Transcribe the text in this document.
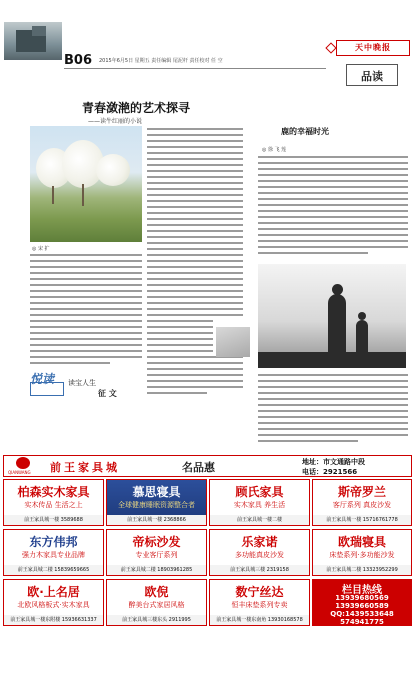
B06 2015年6月5日 星期五 责任编辑 尾泥杆 责任校对 任 空
天中晚报
品读
青春潋滟的艺术探寻
——读牛红丽的小说
◎ 宋 扩
悦读 读宝人生
征 文
鹿的幸福时光
◎ 徐 飞 莲
QIANWANG 前王家具城	名品惠	地址：市文通路中段
电话：2921566
柏森实木家具
实木传品 生活之上
前王家具城一楼 3589688
慕思寝具
全球健康睡眠资源整合者
前王家具城一楼 2368866
顾氏家具
实木家具 养生活
前王家具城一楼二楼
斯帝罗兰
客厅系列 真皮沙发
前王家具城一楼 15716761778
东方伟邦
强力木家具专业品牌
前王家具城二楼 15839659665
帝标沙发
专业客厅系列
前王家具城二楼 18903961285
乐家诺
多功能真皮沙发
前王家具城三楼 2319158
欧瑞寝具
床垫系列·多功能沙发
前王家具城二楼 13323952299
欧·上名居
北欧风格板式·实木家具
前王家具城一楼东附楼 15936631337
欧倪
醉美台式家居风格
前王家具城三楼东头 2911995
数宁丝达
恒丰床垫系列专卖
前王家具城一楼东南角 13930168578
栏目热线
13939680569
13939660589
QQ:1439533648
574941775
